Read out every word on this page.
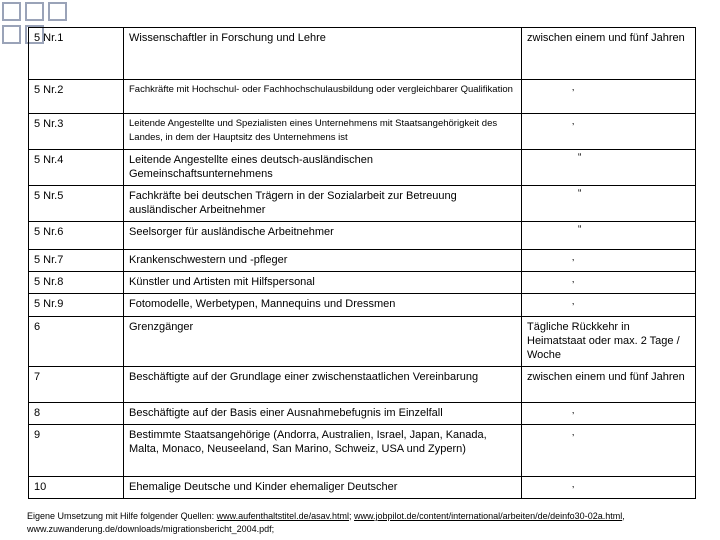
5 Nr.1	Wissenschaftler in Forschung und Lehre	zwischen einem und fünf Jahren
5 Nr.2	Fachkräfte mit Hochschul- oder Fachhochschulausbildung oder vergleichbarer Qualifikation	‚

5 Nr.3	Leitende Angestellte und Spezialisten eines Unternehmens mit Staatsangehörigkeit des Landes, in dem der Hauptsitz des Unternehmens ist	‚

5 Nr.4	Leitende Angestellte eines deutsch-ausländischen Gemeinschaftsunternehmens	“

5 Nr.5	Fachkräfte bei deutschen Trägern in der Sozialarbeit zur Betreuung ausländischer Arbeitnehmer	“

5 Nr.6	Seelsorger für ausländische Arbeitnehmer	“

5 Nr.7	Krankenschwestern und -pfleger	‚

5 Nr.8	Künstler und Artisten mit Hilfspersonal	‚

5 Nr.9	Fotomodelle, Werbetypen, Mannequins und Dressmen	‚

6	Grenzgänger	Tägliche Rückkehr in Heimatstaat oder max. 2 Tage / Woche
7	Beschäftigte auf der Grundlage einer zwischenstaatlichen Vereinbarung	zwischen einem und fünf Jahren
8	Beschäftigte auf der Basis einer Ausnahmebefugnis im Einzelfall	‚

9	Bestimmte Staatsangehörige (Andorra, Australien, Israel, Japan, Kanada, Malta, Monaco, Neuseeland, San Marino, Schweiz, USA und Zypern)	‚

10	Ehemalige Deutsche und Kinder ehemaliger Deutscher	‚
Eigene Umsetzung mit Hilfe folgender Quellen: www.aufenthaltstitel.de/asav.html; www.jobpilot.de/content/international/arbeiten/de/deinfo30-02a.html, www.zuwanderung.de/downloads/migrationsbericht_2004.pdf;
